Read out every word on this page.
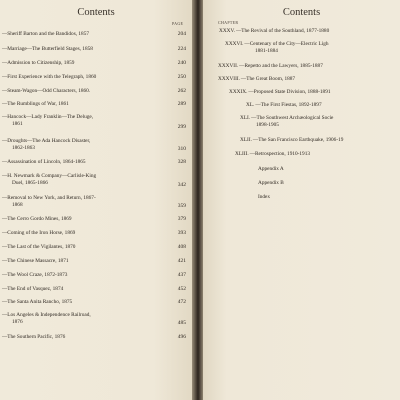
Contents
PAGE
—Sheriff Barton and the Bandidos, 1857	204
—Marriage—The Butterfield Stages, 1858	224
—Admission to Citizenship, 1859	240
—First Experience with the Telegraph, 1860	250
—Steam-Wagon—Odd Characters, 1860.	262
—The Rumblings of War, 1861	289
—Hancock—Lady Franklin—The Deluge,
1861	299
—Droughts—The Ada Hancock Disaster,
1862-1863	310
—Assassination of Lincoln, 1864-1865	328
—H. Newmark & Company—Carlisle-King
Duel, 1865-1866	342
—Removal to New York, and Return, 1867-
1868	359
—The Cerro Gordo Mines, 1869	379
—Coming of the Iron Horse, 1869	393
—The Last of the Vigilantes, 1870	408
—The Chinese Massacre, 1871	421
—The Wool Craze, 1872-1873	437
—The End of Vasquez, 1874	452
—The Santa Anita Rancho, 1875	472
—Los Angeles & Independence Railroad,
1876	485
—The Southern Pacific, 1876	496
Contents
CHAPTER
XXXV.—The Revival of the Southland, 1877-1880
XXXVI.—Centenary of the City—Electric Ligh
1881-1884
XXXVII.—Repetto and the Lawyers, 1885-1887
XXXVIII.—The Great Boom, 1887
XXXIX.—Proposed State Division, 1888-1891
XL.—The First Fiestas, 1892-1897
XLI.—The Southwest Archæological Socie
1898-1905
XLII.—The San Francisco Earthquake, 1906-19
XLIII.—Retrospection, 1910-1913
Appendix A
Appendix B
Index
